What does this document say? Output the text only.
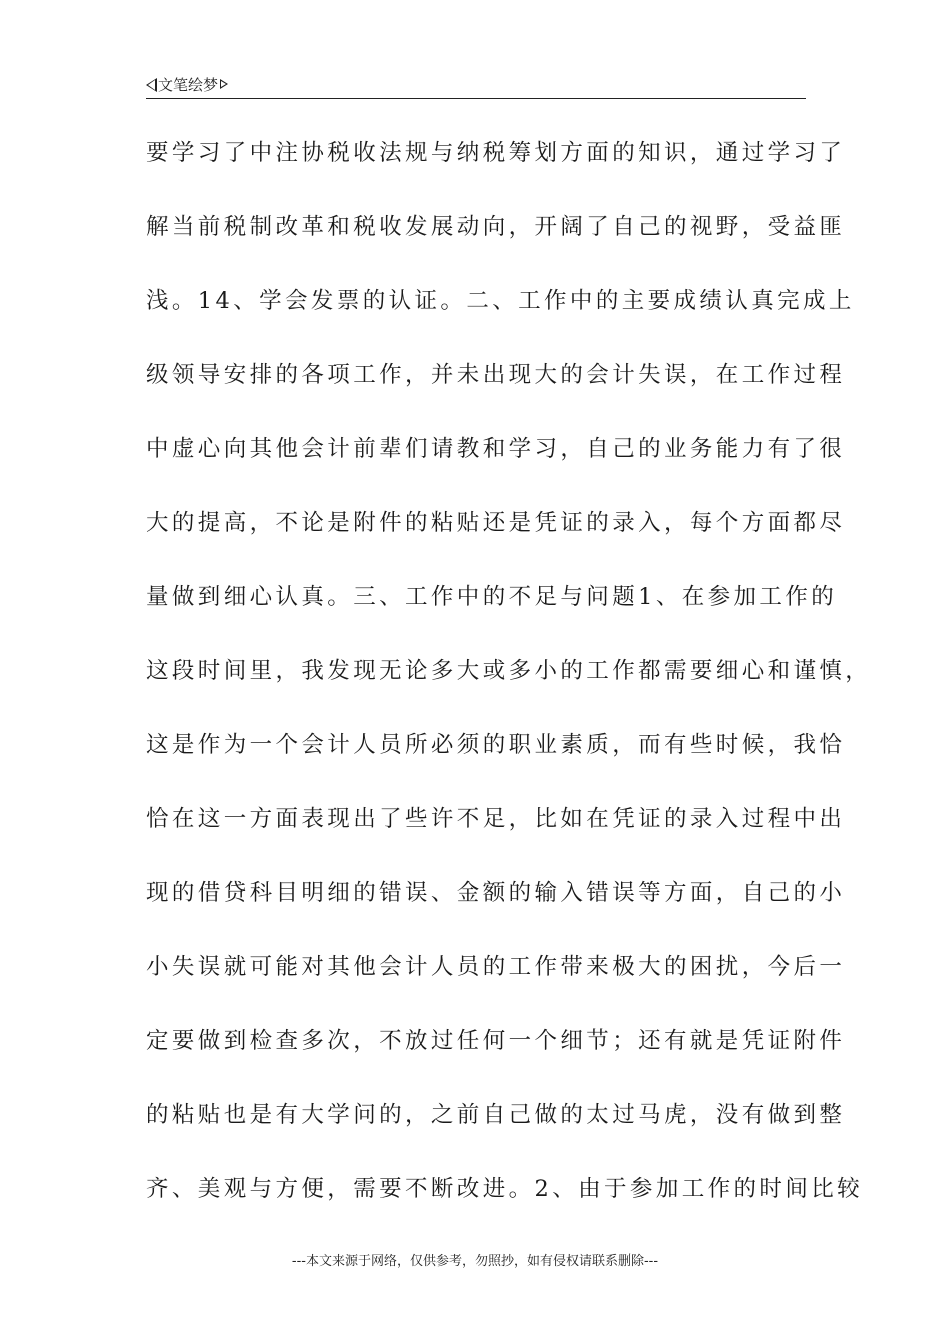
文笔绘梦
要学习了中注协税收法规与纳税筹划方面的知识，通过学习了
解当前税制改革和税收发展动向，开阔了自己的视野，受益匪
浅。14、学会发票的认证。二、工作中的主要成绩认真完成上
级领导安排的各项工作，并未出现大的会计失误，在工作过程
中虚心向其他会计前辈们请教和学习，自己的业务能力有了很
大的提高，不论是附件的粘贴还是凭证的录入，每个方面都尽
量做到细心认真。三、工作中的不足与问题1、在参加工作的
这段时间里，我发现无论多大或多小的工作都需要细心和谨慎，
这是作为一个会计人员所必须的职业素质，而有些时候，我恰
恰在这一方面表现出了些许不足，比如在凭证的录入过程中出
现的借贷科目明细的错误、金额的输入错误等方面，自己的小
小失误就可能对其他会计人员的工作带来极大的困扰，今后一
定要做到检查多次，不放过任何一个细节；还有就是凭证附件
的粘贴也是有大学问的，之前自己做的太过马虎，没有做到整
齐、美观与方便，需要不断改进。2、由于参加工作的时间比较
---本文来源于网络，仅供参考，勿照抄，如有侵权请联系删除---
